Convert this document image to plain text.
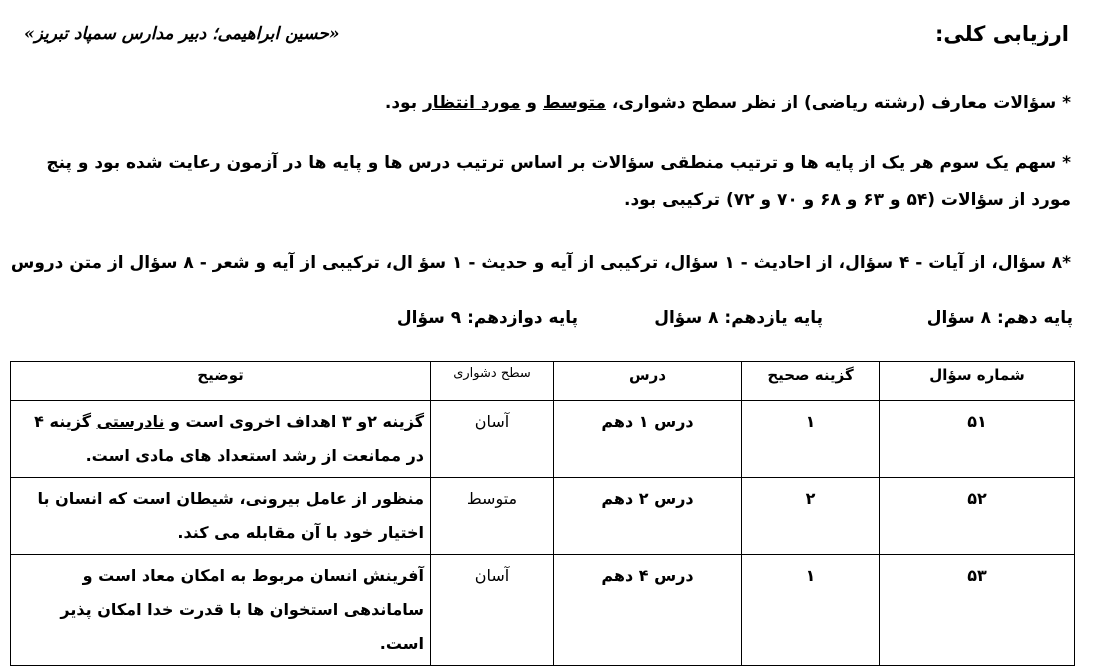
ارزیابی کلی:
«حسین ابراهیمی؛ دبیر مدارس سمپاد تبریز»
* سؤالات معارف (رشته ریاضی) از نظر سطح دشواری، متوسط و مورد انتظار بود.
* سهم یک سوم هر یک از پایه ها و ترتیب منطقی سؤالات بر اساس ترتیب درس ها و پایه ها در آزمون رعایت شده بود و پنج مورد از سؤالات (۵۴ و ۶۳ و ۶۸ و ۷۰ و ۷۲) ترکیبی بود.
*۸ سؤال، از آیات - ۴ سؤال، از احادیث - ۱ سؤال، ترکیبی از آیه و حدیث - ۱ سؤ ال، ترکیبی از آیه و شعر - ۸ سؤال از متن دروس
پایه دهم: ۸ سؤال
پایه یازدهم: ۸ سؤال
پایه دوازدهم: ۹ سؤال
شماره سؤال	گزینه صحیح	درس	سطح دشواری	توضیح
۵۱	۱	درس ۱ دهم	آسان	گزینه ۲و ۳ اهداف اخروی است و نادرستی گزینه ۴ در ممانعت از رشد استعداد های مادی است.
۵۲	۲	درس ۲ دهم	متوسط	منظور از عامل بیرونی، شیطان است که انسان با اختیار خود با آن مقابله می کند.
۵۳	۱	درس ۴ دهم	آسان	آفرینش انسان مربوط به امکان معاد است و ساماندهی استخوان ها با قدرت خدا امکان پذیر است.
